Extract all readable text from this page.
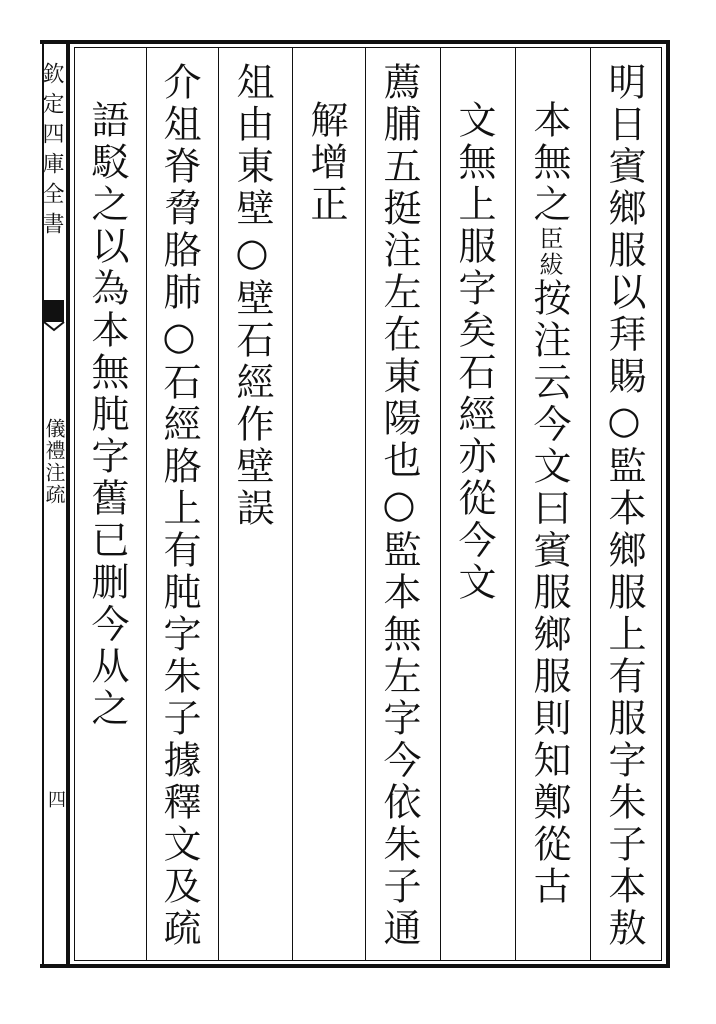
欽定四庫全書
儀禮注疏
四	明日賓鄉服以拜賜○監本鄉服上有服字朱子本敖
本無之臣紱按注云今文曰賓服鄉服則知鄭從古
文無上服字矣石經亦從今文
薦脯五挺注左在東陽也○監本無左字今依朱子通
解增正
俎由東壁○壁石經作壁誤
介俎脊脅胳肺○石經胳上有肫字朱子據釋文及疏
語駁之以為本無肫字舊已删今从之
